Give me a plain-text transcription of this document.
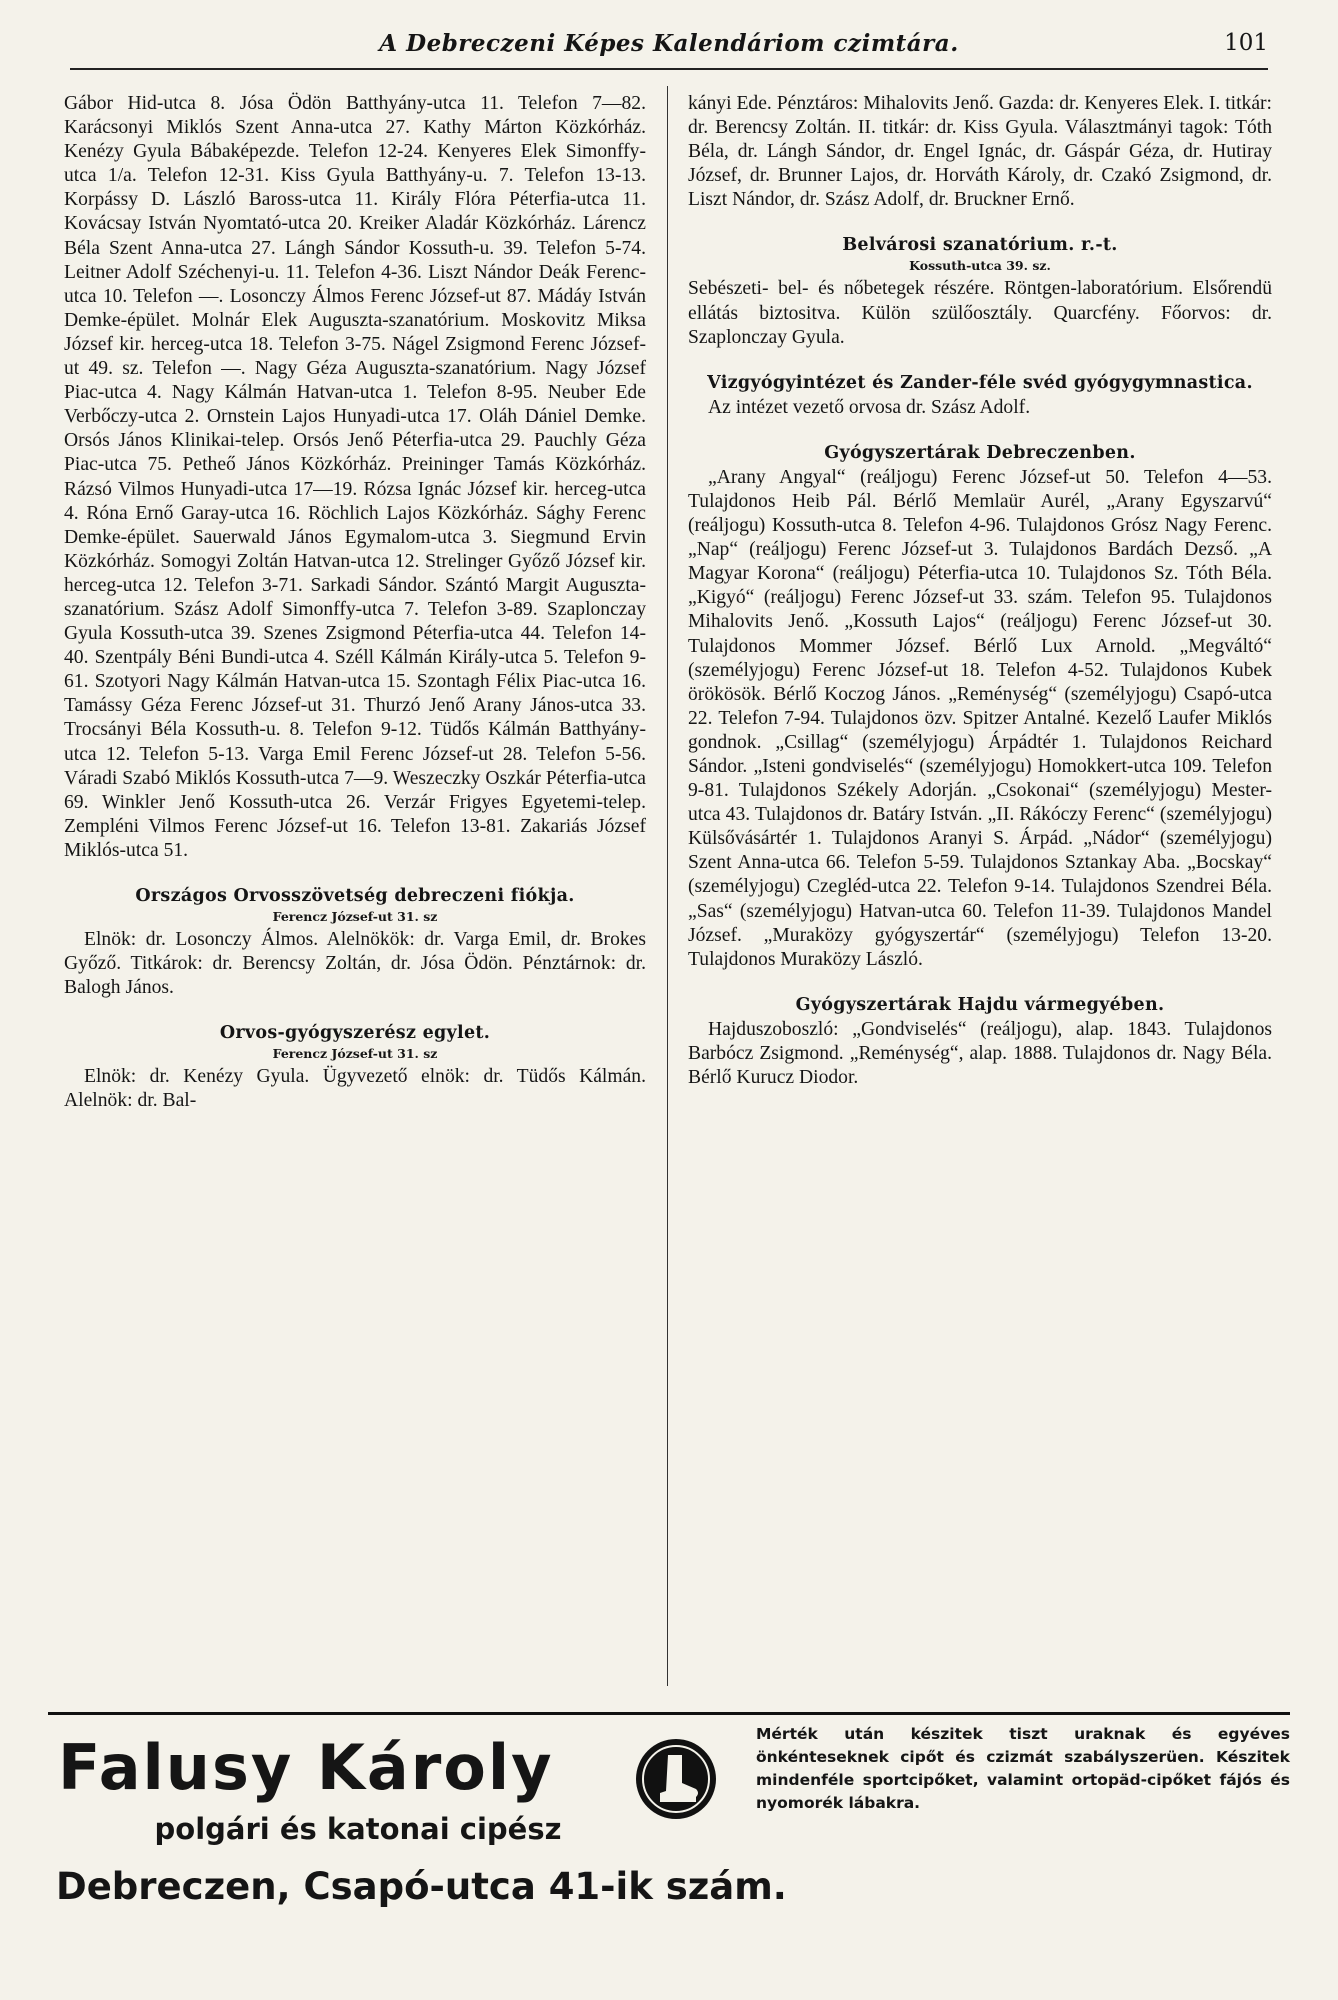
A Debreczeni Képes Kalendáriom czimtára.	101

Gábor Hid-utca 8. Jósa Ödön Batthyány-utca 11. Telefon 7—82. Karácsonyi Miklós Szent Anna-utca 27. Kathy Márton Közkórház. Kenézy Gyula Bábaképezde. Telefon 12-24. Kenyeres Elek Simonffy-utca 1/a. Telefon 12-31. Kiss Gyula Batthyány-u. 7. Telefon 13-13. Korpássy D. László Baross-utca 11. Király Flóra Péterfia-utca 11. Kovácsay István Nyomtató-utca 20. Kreiker Aladár Közkórház. Lárencz Béla Szent Anna-utca 27. Lángh Sándor Kossuth-u. 39. Telefon 5-74. Leitner Adolf Széchenyi-u. 11. Telefon 4-36. Liszt Nándor Deák Ferenc-utca 10. Telefon —. Losonczy Álmos Ferenc József-ut 87. Mádáy István Demke-épület. Molnár Elek Auguszta-szanatórium. Moskovitz Miksa József kir. herceg-utca 18. Telefon 3-75. Nágel Zsigmond Ferenc József-ut 49. sz. Telefon —. Nagy Géza Auguszta-szanatórium. Nagy József Piac-utca 4. Nagy Kálmán Hatvan-utca 1. Telefon 8-95. Neuber Ede Verbőczy-utca 2. Ornstein Lajos Hunyadi-utca 17. Oláh Dániel Demke. Orsós János Klinikai-telep. Orsós Jenő Péterfia-utca 29. Pauchly Géza Piac-utca 75. Petheő János Közkórház. Preininger Tamás Közkórház. Rázsó Vilmos Hunyadi-utca 17—19. Rózsa Ignác József kir. herceg-utca 4. Róna Ernő Garay-utca 16. Röchlich Lajos Közkórház. Sághy Ferenc Demke-épület. Sauerwald János Egymalom-utca 3. Siegmund Ervin Közkórház. Somogyi Zoltán Hatvan-utca 12. Strelinger Győző József kir. herceg-utca 12. Telefon 3-71. Sarkadi Sándor. Szántó Margit Auguszta-szanatórium. Szász Adolf Simonffy-utca 7. Telefon 3-89. Szaplonczay Gyula Kossuth-utca 39. Szenes Zsigmond Péterfia-utca 44. Telefon 14-40. Szentpály Béni Bundi-utca 4. Széll Kálmán Király-utca 5. Telefon 9-61. Szotyori Nagy Kálmán Hatvan-utca 15. Szontagh Félix Piac-utca 16. Tamássy Géza Ferenc József-ut 31. Thurzó Jenő Arany János-utca 33. Trocsányi Béla Kossuth-u. 8. Telefon 9-12. Tüdős Kálmán Batthyány-utca 12. Telefon 5-13. Varga Emil Ferenc József-ut 28. Telefon 5-56. Váradi Szabó Miklós Kossuth-utca 7—9. Weszeczky Oszkár Péterfia-utca 69. Winkler Jenő Kossuth-utca 26. Verzár Frigyes Egyetemi-telep. Zempléni Vilmos Ferenc József-ut 16. Telefon 13-81. Zakariás József Miklós-utca 51.

Országos Orvosszövetség debreczeni fiókja.
Ferencz József-ut 31. sz

Elnök: dr. Losonczy Álmos. Alelnökök: dr. Varga Emil, dr. Brokes Győző. Titkárok: dr. Berencsy Zoltán, dr. Jósa Ödön. Pénztárnok: dr. Balogh János.

Orvos-gyógyszerész egylet.
Ferencz József-ut 31. sz

Elnök: dr. Kenézy Gyula. Ügyvezető elnök: dr. Tüdős Kálmán. Alelnök: dr. Bal-

kányi Ede. Pénztáros: Mihalovits Jenő. Gazda: dr. Kenyeres Elek. I. titkár: dr. Berencsy Zoltán. II. titkár: dr. Kiss Gyula. Választmányi tagok: Tóth Béla, dr. Lángh Sándor, dr. Engel Ignác, dr. Gáspár Géza, dr. Hutiray József, dr. Brunner Lajos, dr. Horváth Károly, dr. Czakó Zsigmond, dr. Liszt Nándor, dr. Szász Adolf, dr. Bruckner Ernő.

Belvárosi szanatórium. r.-t.
Kossuth-utca 39. sz.

Sebészeti- bel- és nőbetegek részére. Röntgen-laboratórium. Elsőrendü ellátás biztositva. Külön szülőosztály. Quarcfény. Főorvos: dr. Szaplonczay Gyula.

Vizgyógyintézet és Zander-féle svéd gyógygymnastica.

Az intézet vezető orvosa dr. Szász Adolf.

Gyógyszertárak Debreczenben.

„Arany Angyal“ (reáljogu) Ferenc József-ut 50. Telefon 4—53. Tulajdonos Heib Pál. Bérlő Memlaür Aurél, „Arany Egyszarvú“ (reáljogu) Kossuth-utca 8. Telefon 4-96. Tulajdonos Grósz Nagy Ferenc. „Nap“ (reáljogu) Ferenc József-ut 3. Tulajdonos Bardách Dezső. „A Magyar Korona“ (reáljogu) Péterfia-utca 10. Tulajdonos Sz. Tóth Béla. „Kigyó“ (reáljogu) Ferenc József-ut 33. szám. Telefon 95. Tulajdonos Mihalovits Jenő. „Kossuth Lajos“ (reáljogu) Ferenc József-ut 30. Tulajdonos Mommer József. Bérlő Lux Arnold. „Megváltó“ (személyjogu) Ferenc József-ut 18. Telefon 4-52. Tulajdonos Kubek örökösök. Bérlő Koczog János. „Reménység“ (személyjogu) Csapó-utca 22. Telefon 7-94. Tulajdonos özv. Spitzer Antalné. Kezelő Laufer Miklós gondnok. „Csillag“ (személyjogu) Árpádtér 1. Tulajdonos Reichard Sándor. „Isteni gondviselés“ (személyjogu) Homokkert-utca 109. Telefon 9-81. Tulajdonos Székely Adorján. „Csokonai“ (személyjogu) Mester-utca 43. Tulajdonos dr. Batáry István. „II. Rákóczy Ferenc“ (személyjogu) Külsővásártér 1. Tulajdonos Aranyi S. Árpád. „Nádor“ (személyjogu) Szent Anna-utca 66. Telefon 5-59. Tulajdonos Sztankay Aba. „Bocskay“ (személyjogu) Czegléd-utca 22. Telefon 9-14. Tulajdonos Szendrei Béla. „Sas“ (személyjogu) Hatvan-utca 60. Telefon 11-39. Tulajdonos Mandel József. „Muraközy gyógyszertár“ (személyjogu) Telefon 13-20. Tulajdonos Muraközy László.

Gyógyszertárak Hajdu vármegyében.

Hajduszoboszló: „Gondviselés“ (reáljogu), alap. 1843. Tulajdonos Barbócz Zsigmond. „Reménység“, alap. 1888. Tulajdonos dr. Nagy Béla. Bérlő Kurucz Diodor.

Falusy Károly
polgári és katonai cipész
Debreczen, Csapó-utca 41-ik szám.
Mérték után készitek tiszt uraknak és egyéves önkénteseknek cipőt és czizmát szabályszerüen. Készitek mindenféle sportcipőket, valamint ortopäd-cipőket fájós és nyomorék lábakra.
